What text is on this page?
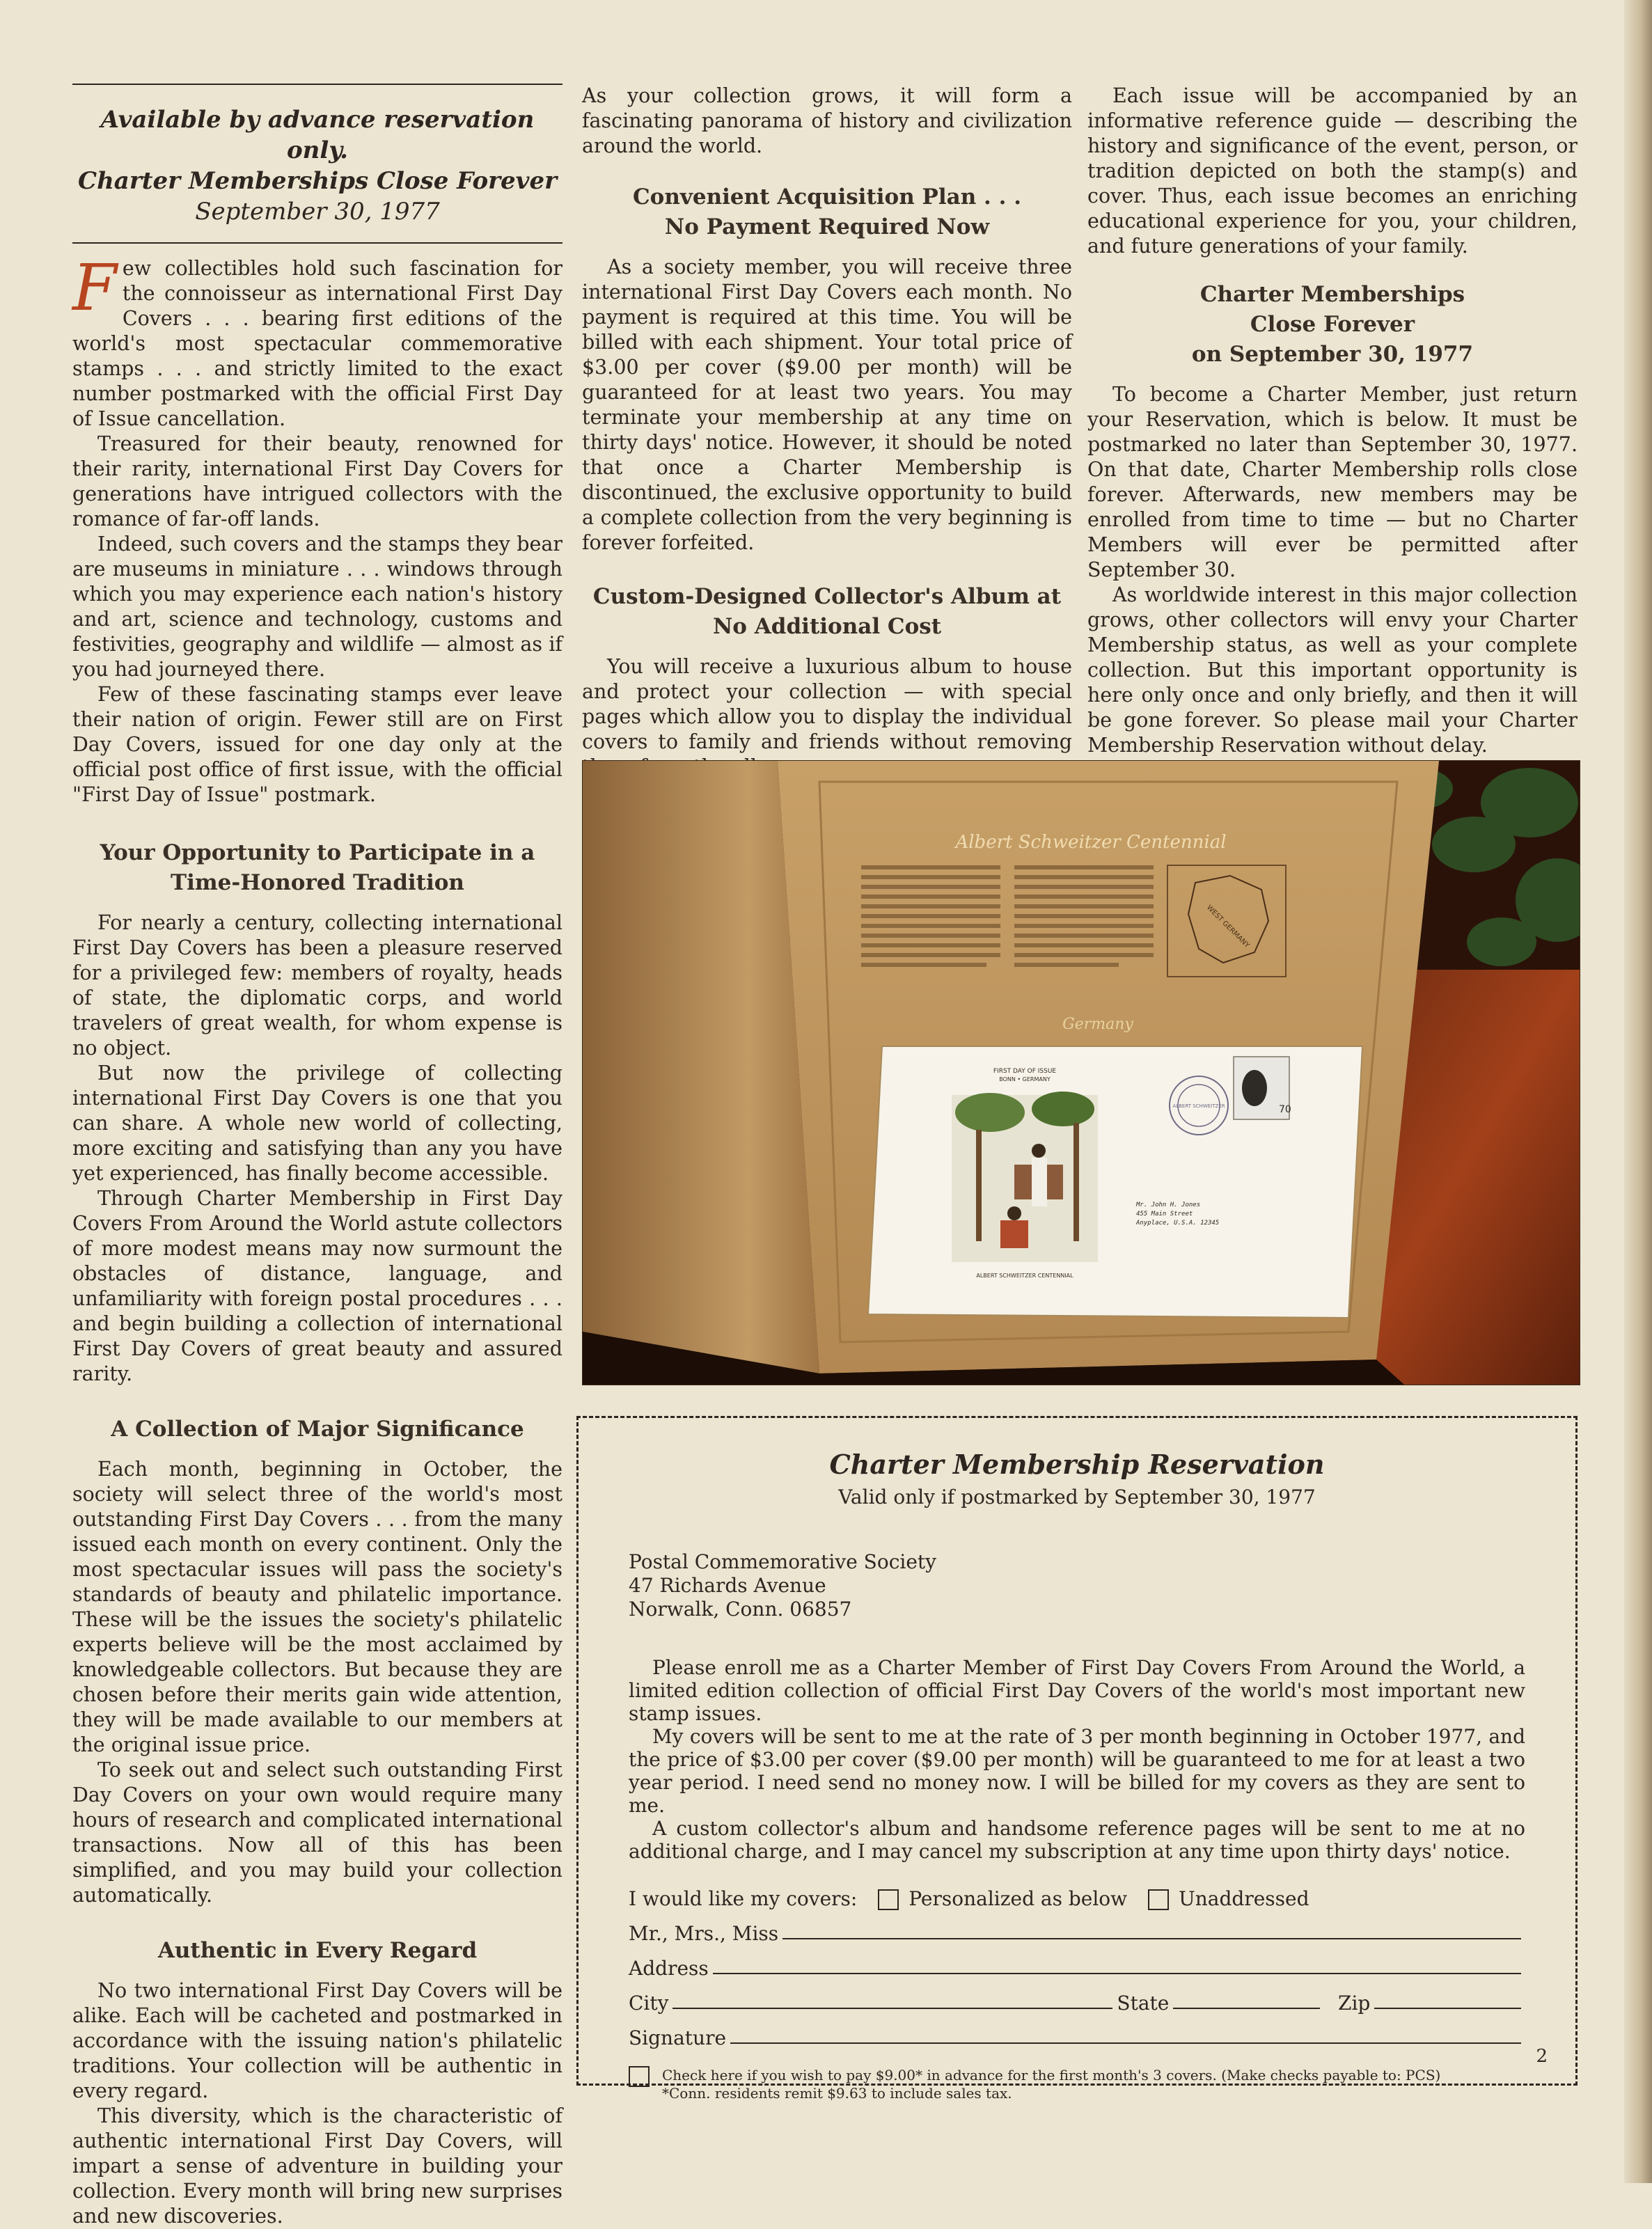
Available by advance reservation only.
Charter Memberships Close Forever
September 30, 1977

Few collectibles hold such fascination for the connoisseur as international First Day Covers . . . bearing first editions of the world's most spectacular commemorative stamps . . . and strictly limited to the exact number postmarked with the official First Day of Issue cancellation.

Treasured for their beauty, renowned for their rarity, international First Day Covers for generations have intrigued collectors with the romance of far-off lands.

Indeed, such covers and the stamps they bear are museums in miniature . . . windows through which you may experience each nation's history and art, science and technology, customs and festivities, geography and wildlife — almost as if you had journeyed there.

Few of these fascinating stamps ever leave their nation of origin. Fewer still are on First Day Covers, issued for one day only at the official post office of first issue, with the official "First Day of Issue" postmark.

Your Opportunity to Participate in a
Time-Honored Tradition

For nearly a century, collecting international First Day Covers has been a pleasure reserved for a privileged few: members of royalty, heads of state, the diplomatic corps, and world travelers of great wealth, for whom expense is no object.

But now the privilege of collecting international First Day Covers is one that you can share. A whole new world of collecting, more exciting and satisfying than any you have yet experienced, has finally become accessible.

Through Charter Membership in First Day Covers From Around the World astute collectors of more modest means may now surmount the obstacles of distance, language, and unfamiliarity with foreign postal procedures . . . and begin building a collection of international First Day Covers of great beauty and assured rarity.

A Collection of Major Significance

Each month, beginning in October, the society will select three of the world's most outstanding First Day Covers . . . from the many issued each month on every continent. Only the most spectacular issues will pass the society's standards of beauty and philatelic importance. These will be the issues the society's philatelic experts believe will be the most acclaimed by knowledgeable collectors. But because they are chosen before their merits gain wide attention, they will be made available to our members at the original issue price.

To seek out and select such outstanding First Day Covers on your own would require many hours of research and complicated international transactions. Now all of this has been simplified, and you may build your collection automatically.

Authentic in Every Regard

No two international First Day Covers will be alike. Each will be cacheted and postmarked in accordance with the issuing nation's philatelic traditions. Your collection will be authentic in every regard.

This diversity, which is the characteristic of authentic international First Day Covers, will impart a sense of adventure in building your collection. Every month will bring new surprises and new discoveries.

As your collection grows, it will form a fascinating panorama of history and civilization around the world.

Convenient Acquisition Plan . . .
No Payment Required Now

As a society member, you will receive three international First Day Covers each month. No payment is required at this time. You will be billed with each shipment. Your total price of $3.00 per cover ($9.00 per month) will be guaranteed for at least two years. You may terminate your membership at any time on thirty days' notice. However, it should be noted that once a Charter Membership is discontinued, the exclusive opportunity to build a complete collection from the very beginning is forever forfeited.

Custom-Designed Collector's Album at
No Additional Cost

You will receive a luxurious album to house and protect your collection — with special pages which allow you to display the individual covers to family and friends without removing

Each issue will be accompanied by an informative reference guide — describing the history and significance of the event, person, or tradition depicted on both the stamp(s) and cover. Thus, each issue becomes an enriching educational experience for you, your children, and future generations of your family.

Charter Memberships
Close Forever
on September 30, 1977

To become a Charter Member, just return your Reservation, which is below. It must be postmarked no later than September 30, 1977. On that date, Charter Membership rolls close forever. Afterwards, new members may be enrolled from time to time — but no Charter Members will ever be permitted after September 30.

As worldwide interest in this major collection grows, other collectors will envy your Charter Membership status, as well as your complete collection. But this important opportunity is here only once and only briefly, and then it will be gone forever. So please mail your Charter Membership Reservation without delay.

Albert Schweitzer Centennial
WEST GERMANY
Germany
FIRST DAY OF ISSUE
BONN • GERMANY
ALBERT SCHWEITZER CENTENNIAL
70
ALBERT SCHWEITZER
Mr. John H. Jones
455 Main Street
Anyplace, U.S.A. 12345
Charter Membership Reservation
Valid only if postmarked by September 30, 1977
Postal Commemorative Society
47 Richards Avenue
Norwalk, Conn. 06857

Please enroll me as a Charter Member of First Day Covers From Around the World, a limited edition collection of official First Day Covers of the world's most important new stamp issues.

My covers will be sent to me at the rate of 3 per month beginning in October 1977, and the price of $3.00 per cover ($9.00 per month) will be guaranteed to me for at least a two year period. I need send no money now. I will be billed for my covers as they are sent to me.

A custom collector's album and handsome reference pages will be sent to me at no additional charge, and I may cancel my subscription at any time upon thirty days' notice.

I would like my covers:	Personalized as below	Unaddressed
Mr., Mrs., Miss
Address
City	State	Zip
Signature
Check here if you wish to pay $9.00* in advance for the first month's 3 covers. (Make checks payable to: PCS)
*Conn. residents remit $9.63 to include sales tax.
2
